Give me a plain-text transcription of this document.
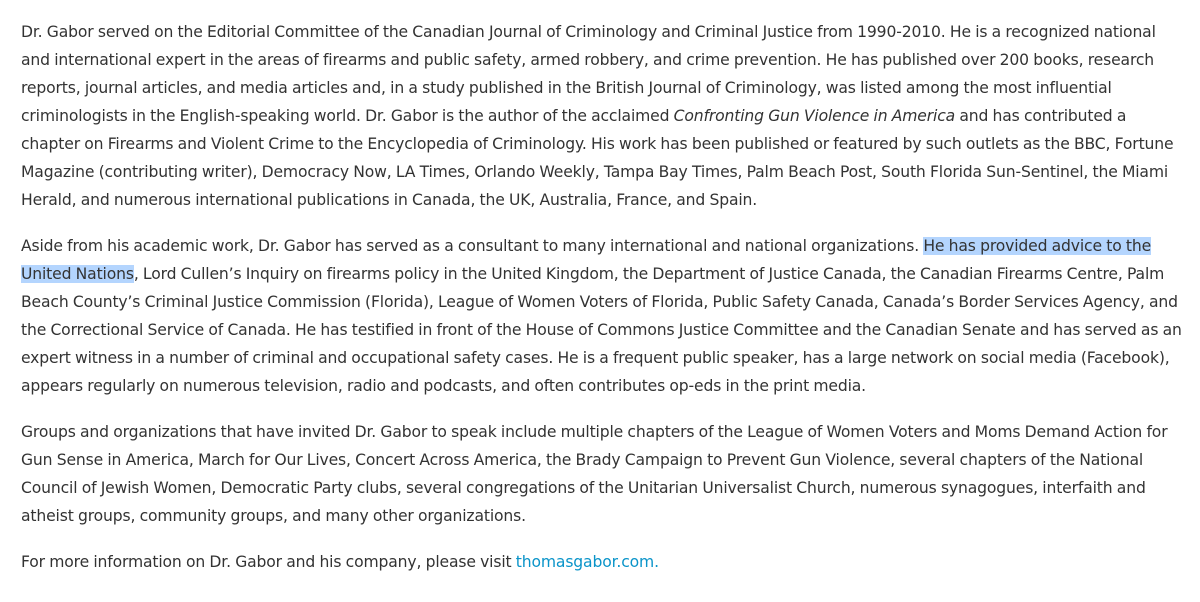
Dr. Gabor served on the Editorial Committee of the Canadian Journal of Criminology and Criminal Justice from 1990-2010. He is a recognized national and international expert in the areas of firearms and public safety, armed robbery, and crime prevention. He has published over 200 books, research reports, journal articles, and media articles and, in a study published in the British Journal of Criminology, was listed among the most influential criminologists in the English-speaking world. Dr. Gabor is the author of the acclaimed Confronting Gun Violence in America and has contributed a chapter on Firearms and Violent Crime to the Encyclopedia of Criminology. His work has been published or featured by such outlets as the BBC, Fortune Magazine (contributing writer), Democracy Now, LA Times, Orlando Weekly, Tampa Bay Times, Palm Beach Post, South Florida Sun-Sentinel, the Miami Herald, and numerous international publications in Canada, the UK, Australia, France, and Spain.

Aside from his academic work, Dr. Gabor has served as a consultant to many international and national organizations. He has provided advice to the United Nations, Lord Cullen’s Inquiry on firearms policy in the United Kingdom, the Department of Justice Canada, the Canadian Firearms Centre, Palm Beach County’s Criminal Justice Commission (Florida), League of Women Voters of Florida, Public Safety Canada, Canada’s Border Services Agency, and the Correctional Service of Canada. He has testified in front of the House of Commons Justice Committee and the Canadian Senate and has served as an expert witness in a number of criminal and occupational safety cases. He is a frequent public speaker, has a large network on social media (Facebook), appears regularly on numerous television, radio and podcasts, and often contributes op-eds in the print media.

Groups and organizations that have invited Dr. Gabor to speak include multiple chapters of the League of Women Voters and Moms Demand Action for Gun Sense in America, March for Our Lives, Concert Across America, the Brady Campaign to Prevent Gun Violence, several chapters of the National Council of Jewish Women, Democratic Party clubs, several congregations of the Unitarian Universalist Church, numerous synagogues, interfaith and atheist groups, community groups, and many other organizations.

For more information on Dr. Gabor and his company, please visit thomasgabor.com.
